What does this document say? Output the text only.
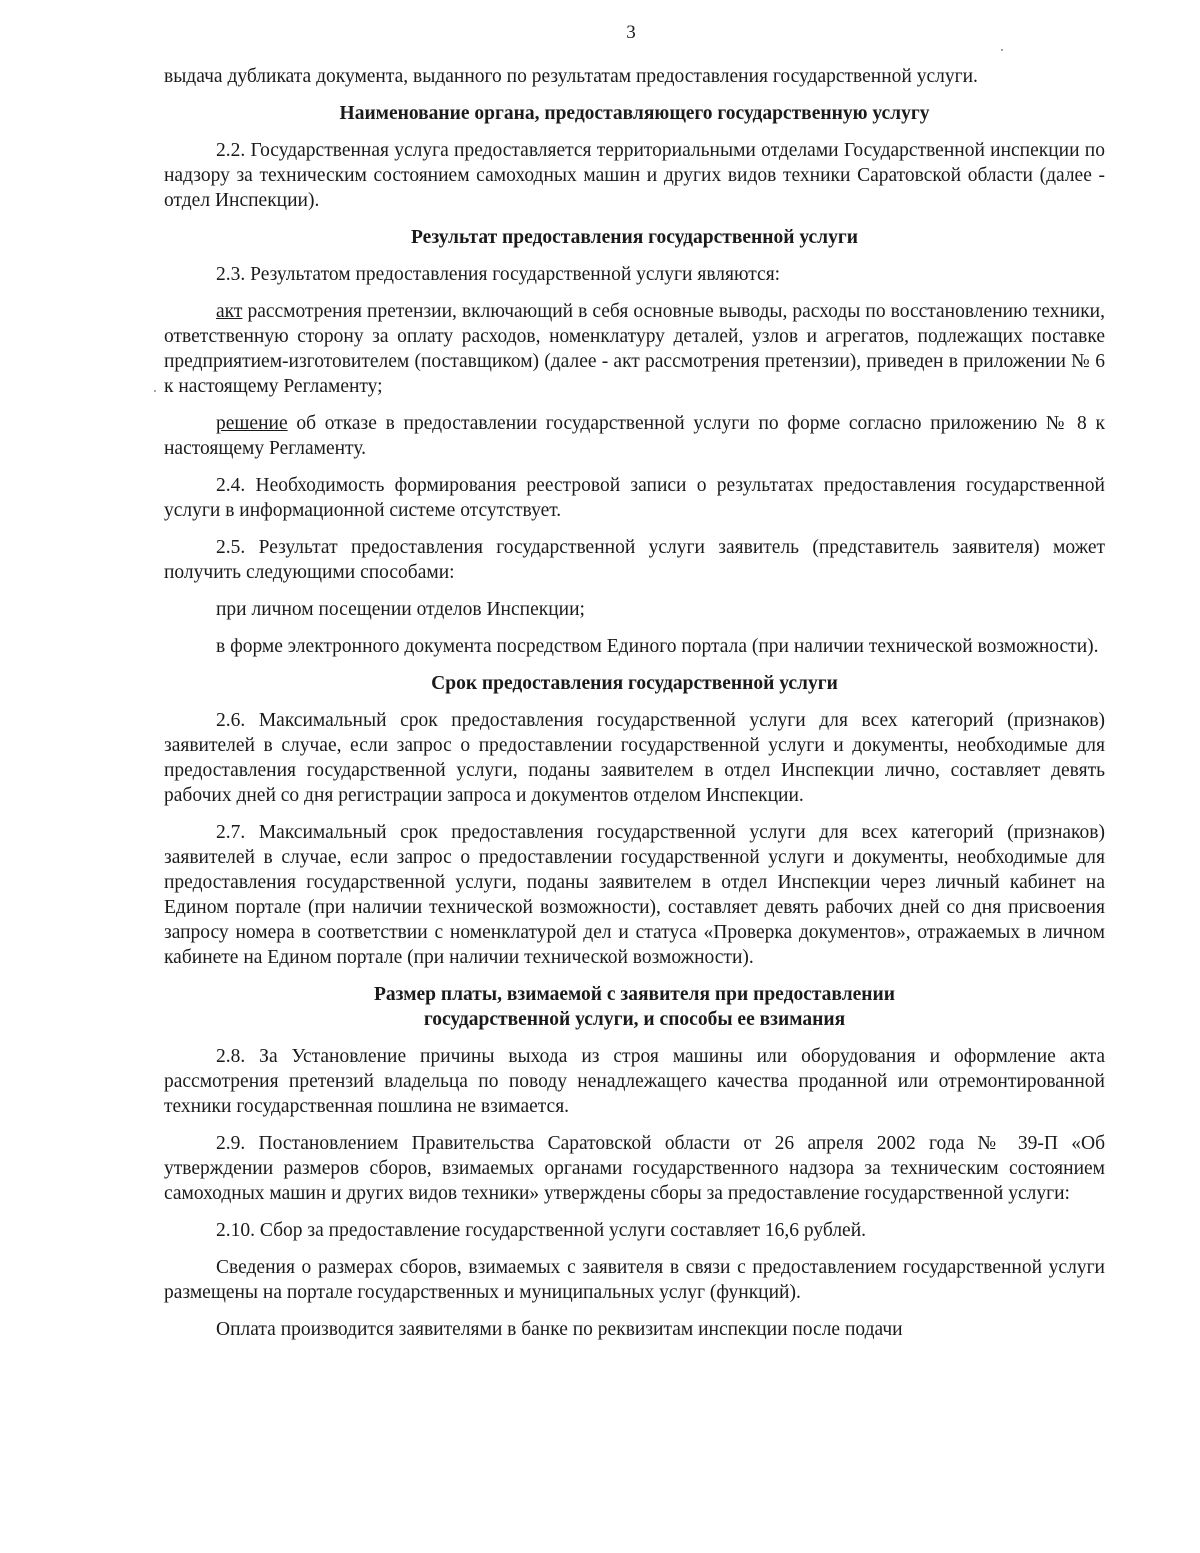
3

выдача дубликата документа, выданного по результатам предоставления государственной услуги.

Наименование органа, предоставляющего государственную услугу

2.2. Государственная услуга предоставляется территориальными отделами Государственной инспекции по надзору за техническим состоянием самоходных машин и других видов техники Саратовской области (далее - отдел Инспекции).

Результат предоставления государственной услуги

2.3. Результатом предоставления государственной услуги являются:

акт рассмотрения претензии, включающий в себя основные выводы, расходы по восстановлению техники, ответственную сторону за оплату расходов, номенклатуру деталей, узлов и агрегатов, подлежащих поставке предприятием-изготовителем (поставщиком) (далее - акт рассмотрения претензии), приведен в приложении № 6 к настоящему Регламенту;

решение об отказе в предоставлении государственной услуги по форме согласно приложению № 8 к настоящему Регламенту.

2.4. Необходимость формирования реестровой записи о результатах предоставления государственной услуги в информационной системе отсутствует.

2.5. Результат предоставления государственной услуги заявитель (представитель заявителя) может получить следующими способами:

при личном посещении отделов Инспекции;

в форме электронного документа посредством Единого портала (при наличии технической возможности).

Срок предоставления государственной услуги

2.6. Максимальный срок предоставления государственной услуги для всех категорий (признаков) заявителей в случае, если запрос о предоставлении государственной услуги и документы, необходимые для предоставления государственной услуги, поданы заявителем в отдел Инспекции лично, составляет девять рабочих дней со дня регистрации запроса и документов отделом Инспекции.

2.7. Максимальный срок предоставления государственной услуги для всех категорий (признаков) заявителей в случае, если запрос о предоставлении государственной услуги и документы, необходимые для предоставления государственной услуги, поданы заявителем в отдел Инспекции через личный кабинет на Едином портале (при наличии технической возможности), составляет девять рабочих дней со дня присвоения запросу номера в соответствии с номенклатурой дел и статуса «Проверка документов», отражаемых в личном кабинете на Едином портале (при наличии технической возможности).

Размер платы, взимаемой с заявителя при предоставлении
государственной услуги, и способы ее взимания

2.8. За Установление причины выхода из строя машины или оборудования и оформление акта рассмотрения претензий владельца по поводу ненадлежащего качества проданной или отремонтированной техники государственная пошлина не взимается.

2.9. Постановлением Правительства Саратовской области от 26 апреля 2002 года № 39-П «Об утверждении размеров сборов, взимаемых органами государственного надзора за техническим состоянием самоходных машин и других видов техники» утверждены сборы за предоставление государственной услуги:

2.10. Сбор за предоставление государственной услуги составляет 16,6 рублей.

Сведения о размерах сборов, взимаемых с заявителя в связи с предоставлением государственной услуги размещены на портале государственных и муниципальных услуг (функций).

Оплата производится заявителями в банке по реквизитам инспекции после подачи
